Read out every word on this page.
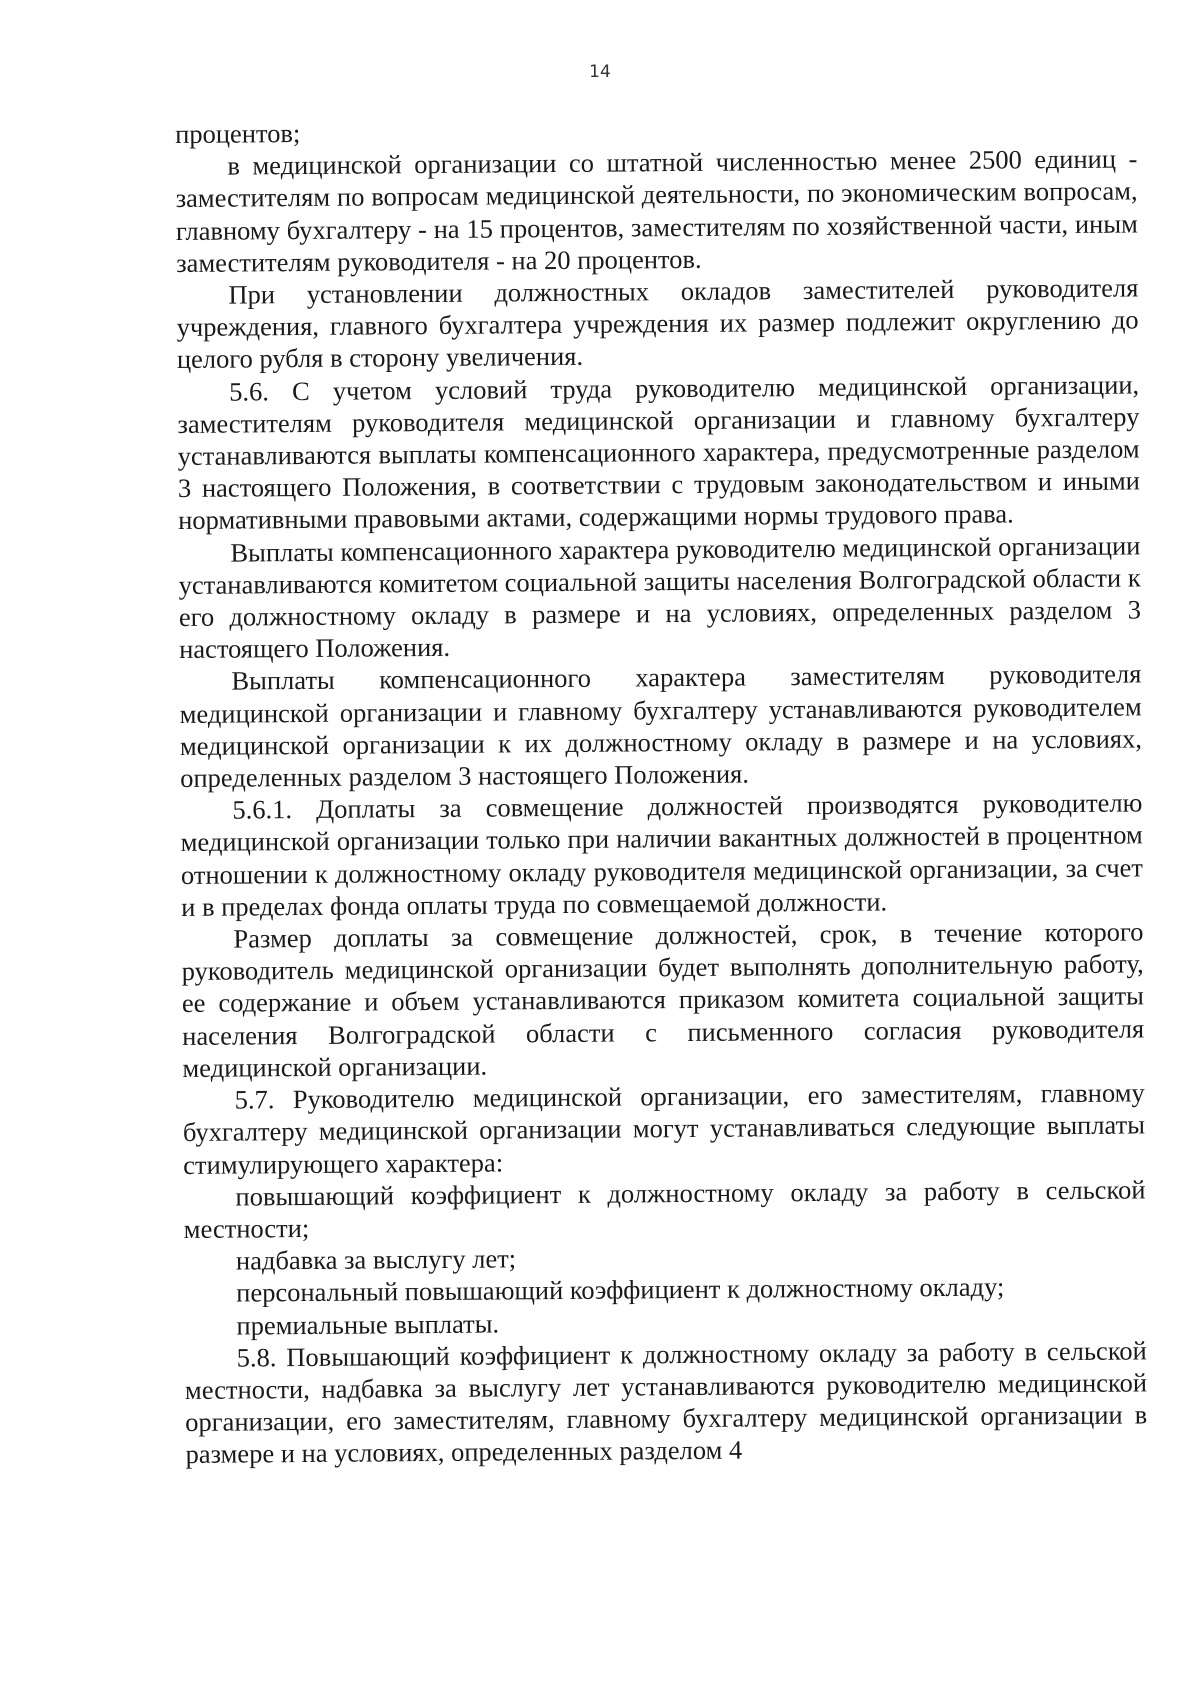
14

процентов;

в медицинской организации со штатной численностью менее 2500 единиц - заместителям по вопросам медицинской деятельности, по экономическим вопросам, главному бухгалтеру - на 15 процентов, заместителям по хозяйственной части, иным заместителям руководителя - на 20 процентов.

При установлении должностных окладов заместителей руководителя учреждения, главного бухгалтера учреждения их размер подлежит округлению до целого рубля в сторону увеличения.

5.6. С учетом условий труда руководителю медицинской организации, заместителям руководителя медицинской организации и главному бухгалтеру устанавливаются выплаты компенсационного характера, предусмотренные разделом 3 настоящего Положения, в соответствии с трудовым законодательством и иными нормативными правовыми актами, содержащими нормы трудового права.

Выплаты компенсационного характера руководителю медицинской организации устанавливаются комитетом социальной защиты населения Волгоградской области к его должностному окладу в размере и на условиях, определенных разделом 3 настоящего Положения.

Выплаты компенсационного характера заместителям руководителя медицинской организации и главному бухгалтеру устанавливаются руководителем медицинской организации к их должностному окладу в размере и на условиях, определенных разделом 3 настоящего Положения.

5.6.1. Доплаты за совмещение должностей производятся руководителю медицинской организации только при наличии вакантных должностей в процентном отношении к должностному окладу руководителя медицинской организации, за счет и в пределах фонда оплаты труда по совмещаемой должности.

Размер доплаты за совмещение должностей, срок, в течение которого руководитель медицинской организации будет выполнять дополнительную работу, ее содержание и объем устанавливаются приказом комитета социальной защиты населения Волгоградской области с письменного согласия руководителя медицинской организации.

5.7. Руководителю медицинской организации, его заместителям, главному бухгалтеру медицинской организации могут устанавливаться следующие выплаты стимулирующего характера:

повышающий коэффициент к должностному окладу за работу в сельской местности;

надбавка за выслугу лет;

персональный повышающий коэффициент к должностному окладу;

премиальные выплаты.

5.8. Повышающий коэффициент к должностному окладу за работу в сельской местности, надбавка за выслугу лет устанавливаются руководителю медицинской организации, его заместителям, главному бухгалтеру медицинской организации в размере и на условиях, определенных разделом 4
